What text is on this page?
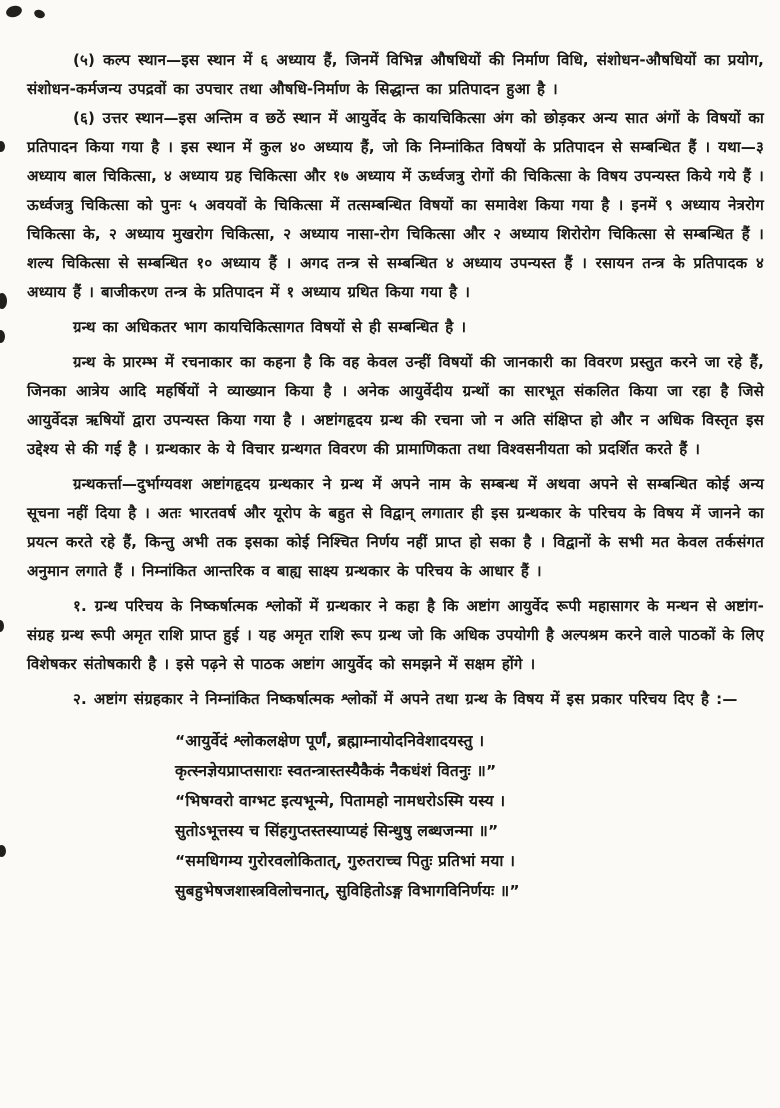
(५) कल्प स्थान—इस स्थान में ६ अध्याय हैं, जिनमें विभिन्न औषधियों की निर्माण विधि, संशोधन-औषधियों का प्रयोग, संशोधन-कर्मजन्य उपद्रवों का उपचार तथा औषधि-निर्माण के सिद्धान्त का प्रतिपादन हुआ है ।

(६) उत्तर स्थान—इस अन्तिम व छठें स्थान में आयुर्वेद के कायचिकित्सा अंग को छोड़कर अन्य सात अंगों के विषयों का प्रतिपादन किया गया है । इस स्थान में कुल ४० अध्याय हैं, जो कि निम्नांकित विषयों के प्रतिपादन से सम्बन्धित हैं । यथा—३ अध्याय बाल चिकित्सा, ४ अध्याय ग्रह चिकित्सा और १७ अध्याय में ऊर्ध्वजत्रु रोगों की चिकित्सा के विषय उपन्यस्त किये गये हैं । ऊर्ध्वजत्रु चिकित्सा को पुनः ५ अवयवों के चिकित्सा में तत्सम्बन्धित विषयों का समावेश किया गया है । इनमें ९ अध्याय नेत्ररोग चिकित्सा के, २ अध्याय मुखरोग चिकित्सा, २ अध्याय नासा-रोग चिकित्सा और २ अध्याय शिरोरोग चिकित्सा से सम्बन्धित हैं । शल्य चिकित्सा से सम्बन्धित १० अध्याय हैं । अगद तन्त्र से सम्बन्धित ४ अध्याय उपन्यस्त हैं । रसायन तन्त्र के प्रतिपादक ४ अध्याय हैं । बाजीकरण तन्त्र के प्रतिपादन में १ अध्याय ग्रथित किया गया है ।

ग्रन्थ का अधिकतर भाग कायचिकित्सागत विषयों से ही सम्बन्धित है ।

ग्रन्थ के प्रारम्भ में रचनाकार का कहना है कि वह केवल उन्हीं विषयों की जानकारी का विवरण प्रस्तुत करने जा रहे हैं, जिनका आत्रेय आदि महर्षियों ने व्याख्यान किया है । अनेक आयुर्वेदीय ग्रन्थों का सारभूत संकलित किया जा रहा है जिसे आयुर्वेदज्ञ ऋषियों द्वारा उपन्यस्त किया गया है । अष्टांगहृदय ग्रन्थ की रचना जो न अति संक्षिप्त हो और न अधिक विस्तृत इस उद्देश्य से की गई है । ग्रन्थकार के ये विचार ग्रन्थगत विवरण की प्रामाणिकता तथा विश्वसनीयता को प्रदर्शित करते हैं ।

ग्रन्थकर्त्ता—दुर्भाग्यवश अष्टांगहृदय ग्रन्थकार ने ग्रन्थ में अपने नाम के सम्बन्ध में अथवा अपने से सम्बन्धित कोई अन्य सूचना नहीं दिया है । अतः भारतवर्ष और यूरोप के बहुत से विद्वान् लगातार ही इस ग्रन्थकार के परिचय के विषय में जानने का प्रयत्न करते रहे हैं, किन्तु अभी तक इसका कोई निश्चित निर्णय नहीं प्राप्त हो सका है । विद्वानों के सभी मत केवल तर्कसंगत अनुमान लगाते हैं । निम्नांकित आन्तरिक व बाह्य साक्ष्य ग्रन्थकार के परिचय के आधार हैं ।

१. ग्रन्थ परिचय के निष्कर्षात्मक श्लोकों में ग्रन्थकार ने कहा है कि अष्टांग आयुर्वेद रूपी महासागर के मन्थन से अष्टांग-संग्रह ग्रन्थ रूपी अमृत राशि प्राप्त हुई । यह अमृत राशि रूप ग्रन्थ जो कि अधिक उपयोगी है अल्पश्रम करने वाले पाठकों के लिए विशेषकर संतोषकारी है । इसे पढ़ने से पाठक अष्टांग आयुर्वेद को समझने में सक्षम होंगे ।

२. अष्टांग संग्रहकार ने निम्नांकित निष्कर्षात्मक श्लोकों में अपने तथा ग्रन्थ के विषय में इस प्रकार परिचय दिए है :—

“आयुर्वेदं श्लोकलक्षेण पूर्णं, ब्रह्माम्नायोदनिवेशादयस्तु ।

कृत्स्नज्ञेयप्राप्तसाराः स्वतन्त्रास्तस्यैकैकं नैकधंशं वितनुः ॥”

“भिषग्वरो वाग्भट इत्यभून्मे, पितामहो नामधरोऽस्मि यस्य ।

सुतोऽभूत्तस्य च सिंहगुप्तस्तस्याप्यहं सिन्धुषु लब्धजन्मा ॥”

“समधिगम्य गुरोरवलोकितात्, गुरुतराच्च पितुः प्रतिभां मया ।

सुबहुभेषजशास्त्रविलोचनात्, सुविहितोऽङ्ग विभागविनिर्णयः ॥”
